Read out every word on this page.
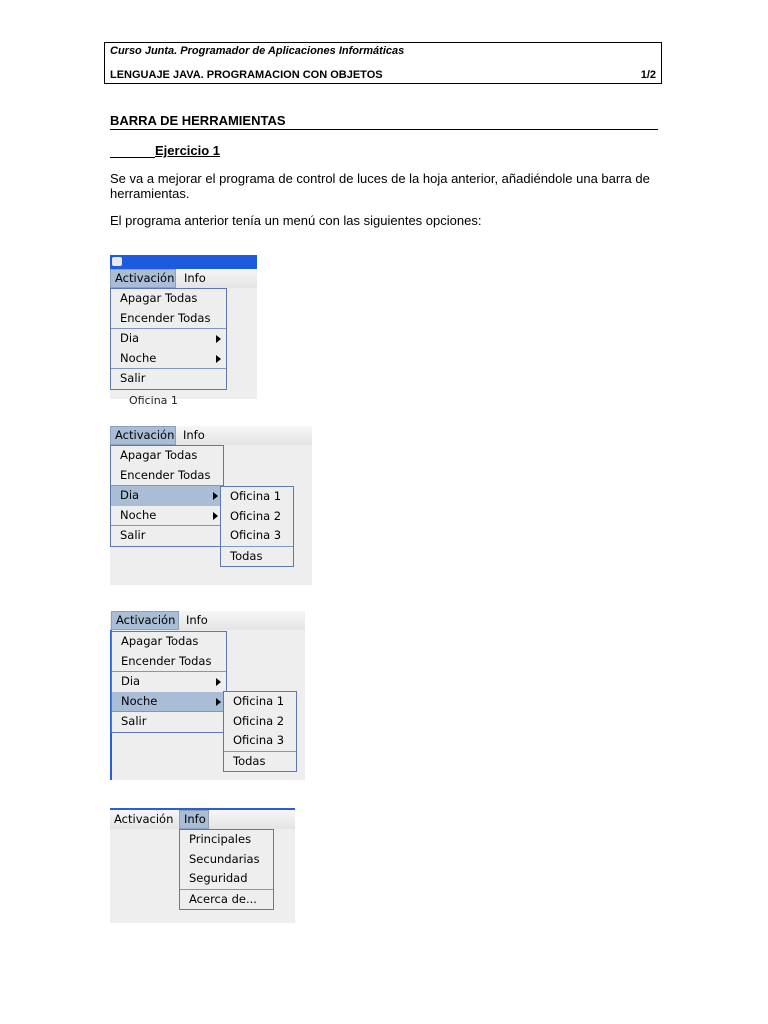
Curso Junta. Programador de Aplicaciones Informáticas
LENGUAJE JAVA. PROGRAMACION CON OBJETOS	1/2
BARRA DE HERRAMIENTAS
Ejercicio 1
Se va a mejorar el programa de control de luces de la hoja anterior, añadiéndole una barra de herramientas.
El programa anterior tenía un menú con las siguientes opciones:
Activación Info
Apagar Todas
Encender Todas
Dia
Noche
Salir
Oficina 1
Activación Info
Apagar Todas
Encender Todas
Dia
Noche
Salir
Oficina 1
Oficina 2
Oficina 3
Todas
Activación Info
Apagar Todas
Encender Todas
Dia
Noche
Salir
Oficina 1
Oficina 2
Oficina 3
Todas
Activación Info
Principales
Secundarias
Seguridad
Acerca de...
